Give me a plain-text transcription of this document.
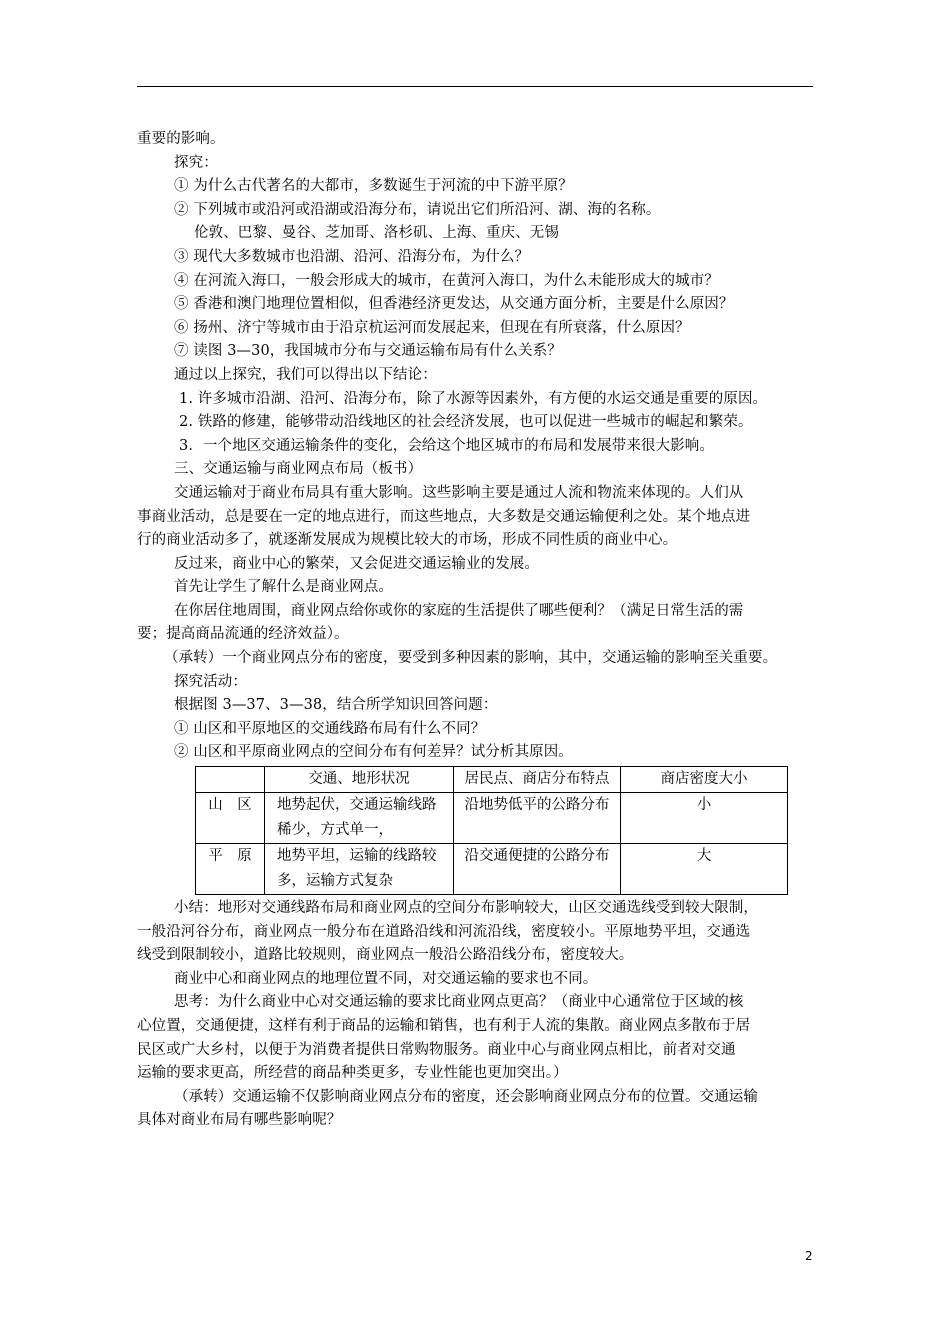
重要的影响。

探究：

① 为什么古代著名的大都市，多数诞生于河流的中下游平原？

② 下列城市或沿河或沿湖或沿海分布，请说出它们所沿河、湖、海的名称。

伦敦、巴黎、曼谷、芝加哥、洛杉矶、上海、重庆、无锡

③ 现代大多数城市也沿湖、沿河、沿海分布，为什么？

④ 在河流入海口，一般会形成大的城市，在黄河入海口，为什么未能形成大的城市？

⑤ 香港和澳门地理位置相似，但香港经济更发达，从交通方面分析，主要是什么原因？

⑥ 扬州、济宁等城市由于沿京杭运河而发展起来，但现在有所衰落，什么原因？

⑦ 读图 3—30，我国城市分布与交通运输布局有什么关系？

通过以上探究，我们可以得出以下结论：

1. 许多城市沿湖、沿河、沿海分布，除了水源等因素外，有方便的水运交通是重要的原因。

2. 铁路的修建，能够带动沿线地区的社会经济发展，也可以促进一些城市的崛起和繁荣。

3．一个地区交通运输条件的变化，会给这个地区城市的布局和发展带来很大影响。

三、交通运输与商业网点布局（板书）

交通运输对于商业布局具有重大影响。这些影响主要是通过人流和物流来体现的。人们从

事商业活动，总是要在一定的地点进行，而这些地点，大多数是交通运输便利之处。某个地点进

行的商业活动多了，就逐渐发展成为规模比较大的市场，形成不同性质的商业中心。

反过来，商业中心的繁荣，又会促进交通运输业的发展。

首先让学生了解什么是商业网点。

在你居住地周围，商业网点给你或你的家庭的生活提供了哪些便利？（满足日常生活的需

要；提高商品流通的经济效益）。

（承转）一个商业网点分布的密度，要受到多种因素的影响，其中，交通运输的影响至关重要。

探究活动：

根据图 3—37、3—38，结合所学知识回答问题：

① 山区和平原地区的交通线路布局有什么不同？

② 山区和平原商业网点的空间分布有何差异？试分析其原因。

	交通、地形状况	居民点、商店分布特点	商店密度大小
山　区	地势起伏，交通运输线路稀少，方式单一，	沿地势低平的公路分布	小
平　原	地势平坦，运输的线路较多，运输方式复杂	沿交通便捷的公路分布	大

小结：地形对交通线路布局和商业网点的空间分布影响较大，山区交通选线受到较大限制，

一般沿河谷分布，商业网点一般分布在道路沿线和河流沿线，密度较小。平原地势平坦，交通选

线受到限制较小，道路比较规则，商业网点一般沿公路沿线分布，密度较大。

商业中心和商业网点的地理位置不同，对交通运输的要求也不同。

思考：为什么商业中心对交通运输的要求比商业网点更高？（商业中心通常位于区域的核

心位置，交通便捷，这样有利于商品的运输和销售，也有利于人流的集散。商业网点多散布于居

民区或广大乡村，以便于为消费者提供日常购物服务。商业中心与商业网点相比，前者对交通

运输的要求更高，所经营的商品种类更多，专业性能也更加突出。）

（承转）交通运输不仅影响商业网点分布的密度，还会影响商业网点分布的位置。交通运输

具体对商业布局有哪些影响呢？

2
